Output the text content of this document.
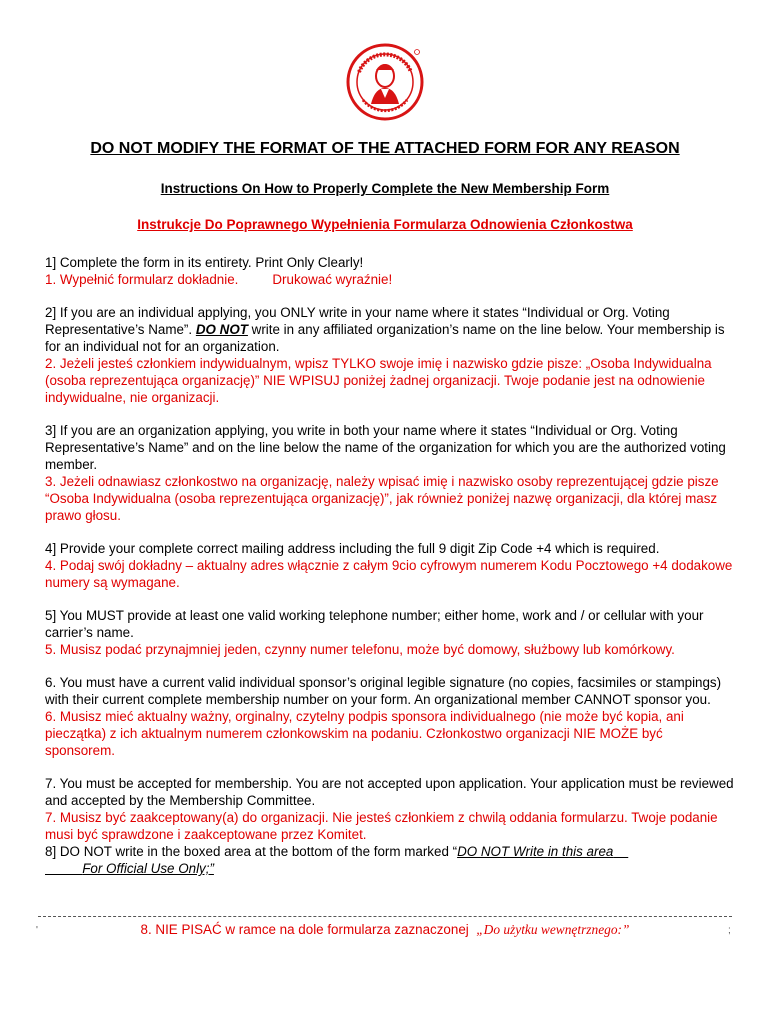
DO NOT MODIFY THE FORMAT OF THE ATTACHED FORM FOR ANY REASON
Instructions On How to Properly Complete the New Membership Form
Instrukcje Do Poprawnego Wypełnienia Formularza Odnowienia Członkostwa

1] Complete the form in its entirety. Print Only Clearly!

1. Wypełnić formularz dokładnie.	Drukować wyraźnie!

2] If you are an individual applying, you ONLY write in your name where it states “Individual or Org. Voting Representative’s Name”. DO NOT write in any affiliated organization’s name on the line below. Your membership is for an individual not for an organization.

2. Jeżeli jesteś członkiem indywidualnym, wpisz TYLKO swoje imię i nazwisko gdzie pisze: „Osoba Indywidualna (osoba reprezentująca organizację)” NIE WPISUJ poniżej żadnej organizacji. Twoje podanie jest na odnowienie indywidualne, nie organizacji.

3] If you are an organization applying, you write in both your name where it states “Individual or Org. Voting Representative’s Name” and on the line below the name of the organization for which you are the authorized voting member.

3. Jeżeli odnawiasz członkostwo na organizację, należy wpisać imię i nazwisko osoby reprezentującej gdzie pisze “Osoba Indywidualna (osoba reprezentująca organizację)”, jak również poniżej nazwę organizacji, dla której masz prawo głosu.

4] Provide your complete correct mailing address including the full 9 digit Zip Code +4 which is required.

4. Podaj swój dokładny – aktualny adres włącznie z całym 9cio cyfrowym numerem Kodu Pocztowego +4 dodakowe numery są wymagane.

5] You MUST provide at least one valid working telephone number; either home, work and / or cellular with your carrier’s name.

5. Musisz podać przynajmniej jeden, czynny numer telefonu, może być domowy, służbowy lub komórkowy.

6. You must have a current valid individual sponsor’s original legible signature (no copies, facsimiles or stampings) with their current complete membership number on your form. An organizational member CANNOT sponsor you.

6. Musisz mieć aktualny ważny, orginalny, czytelny podpis sponsora individualnego (nie może być kopia, ani pieczątka) z ich aktualnym numerem członkowskim na podaniu. Członkostwo organizacji NIE MOŻE być sponsorem.

7. You must be accepted for membership. You are not accepted upon application. Your application must be reviewed and accepted by the Membership Committee.

7. Musisz być zaakceptowany(a) do organizacji. Nie jesteś członkiem z chwilą oddania formularzu. Twoje podanie musi być sprawdzone i zaakceptowane przez Komitet.

8] DO NOT write in the boxed area at the bottom of the form marked “DO NOT Write in this area
For Official Use Only;”

'	;
8. NIE PISAĆ w ramce na dole formularza zaznaczonej „Do użytku wewnętrznego:”
